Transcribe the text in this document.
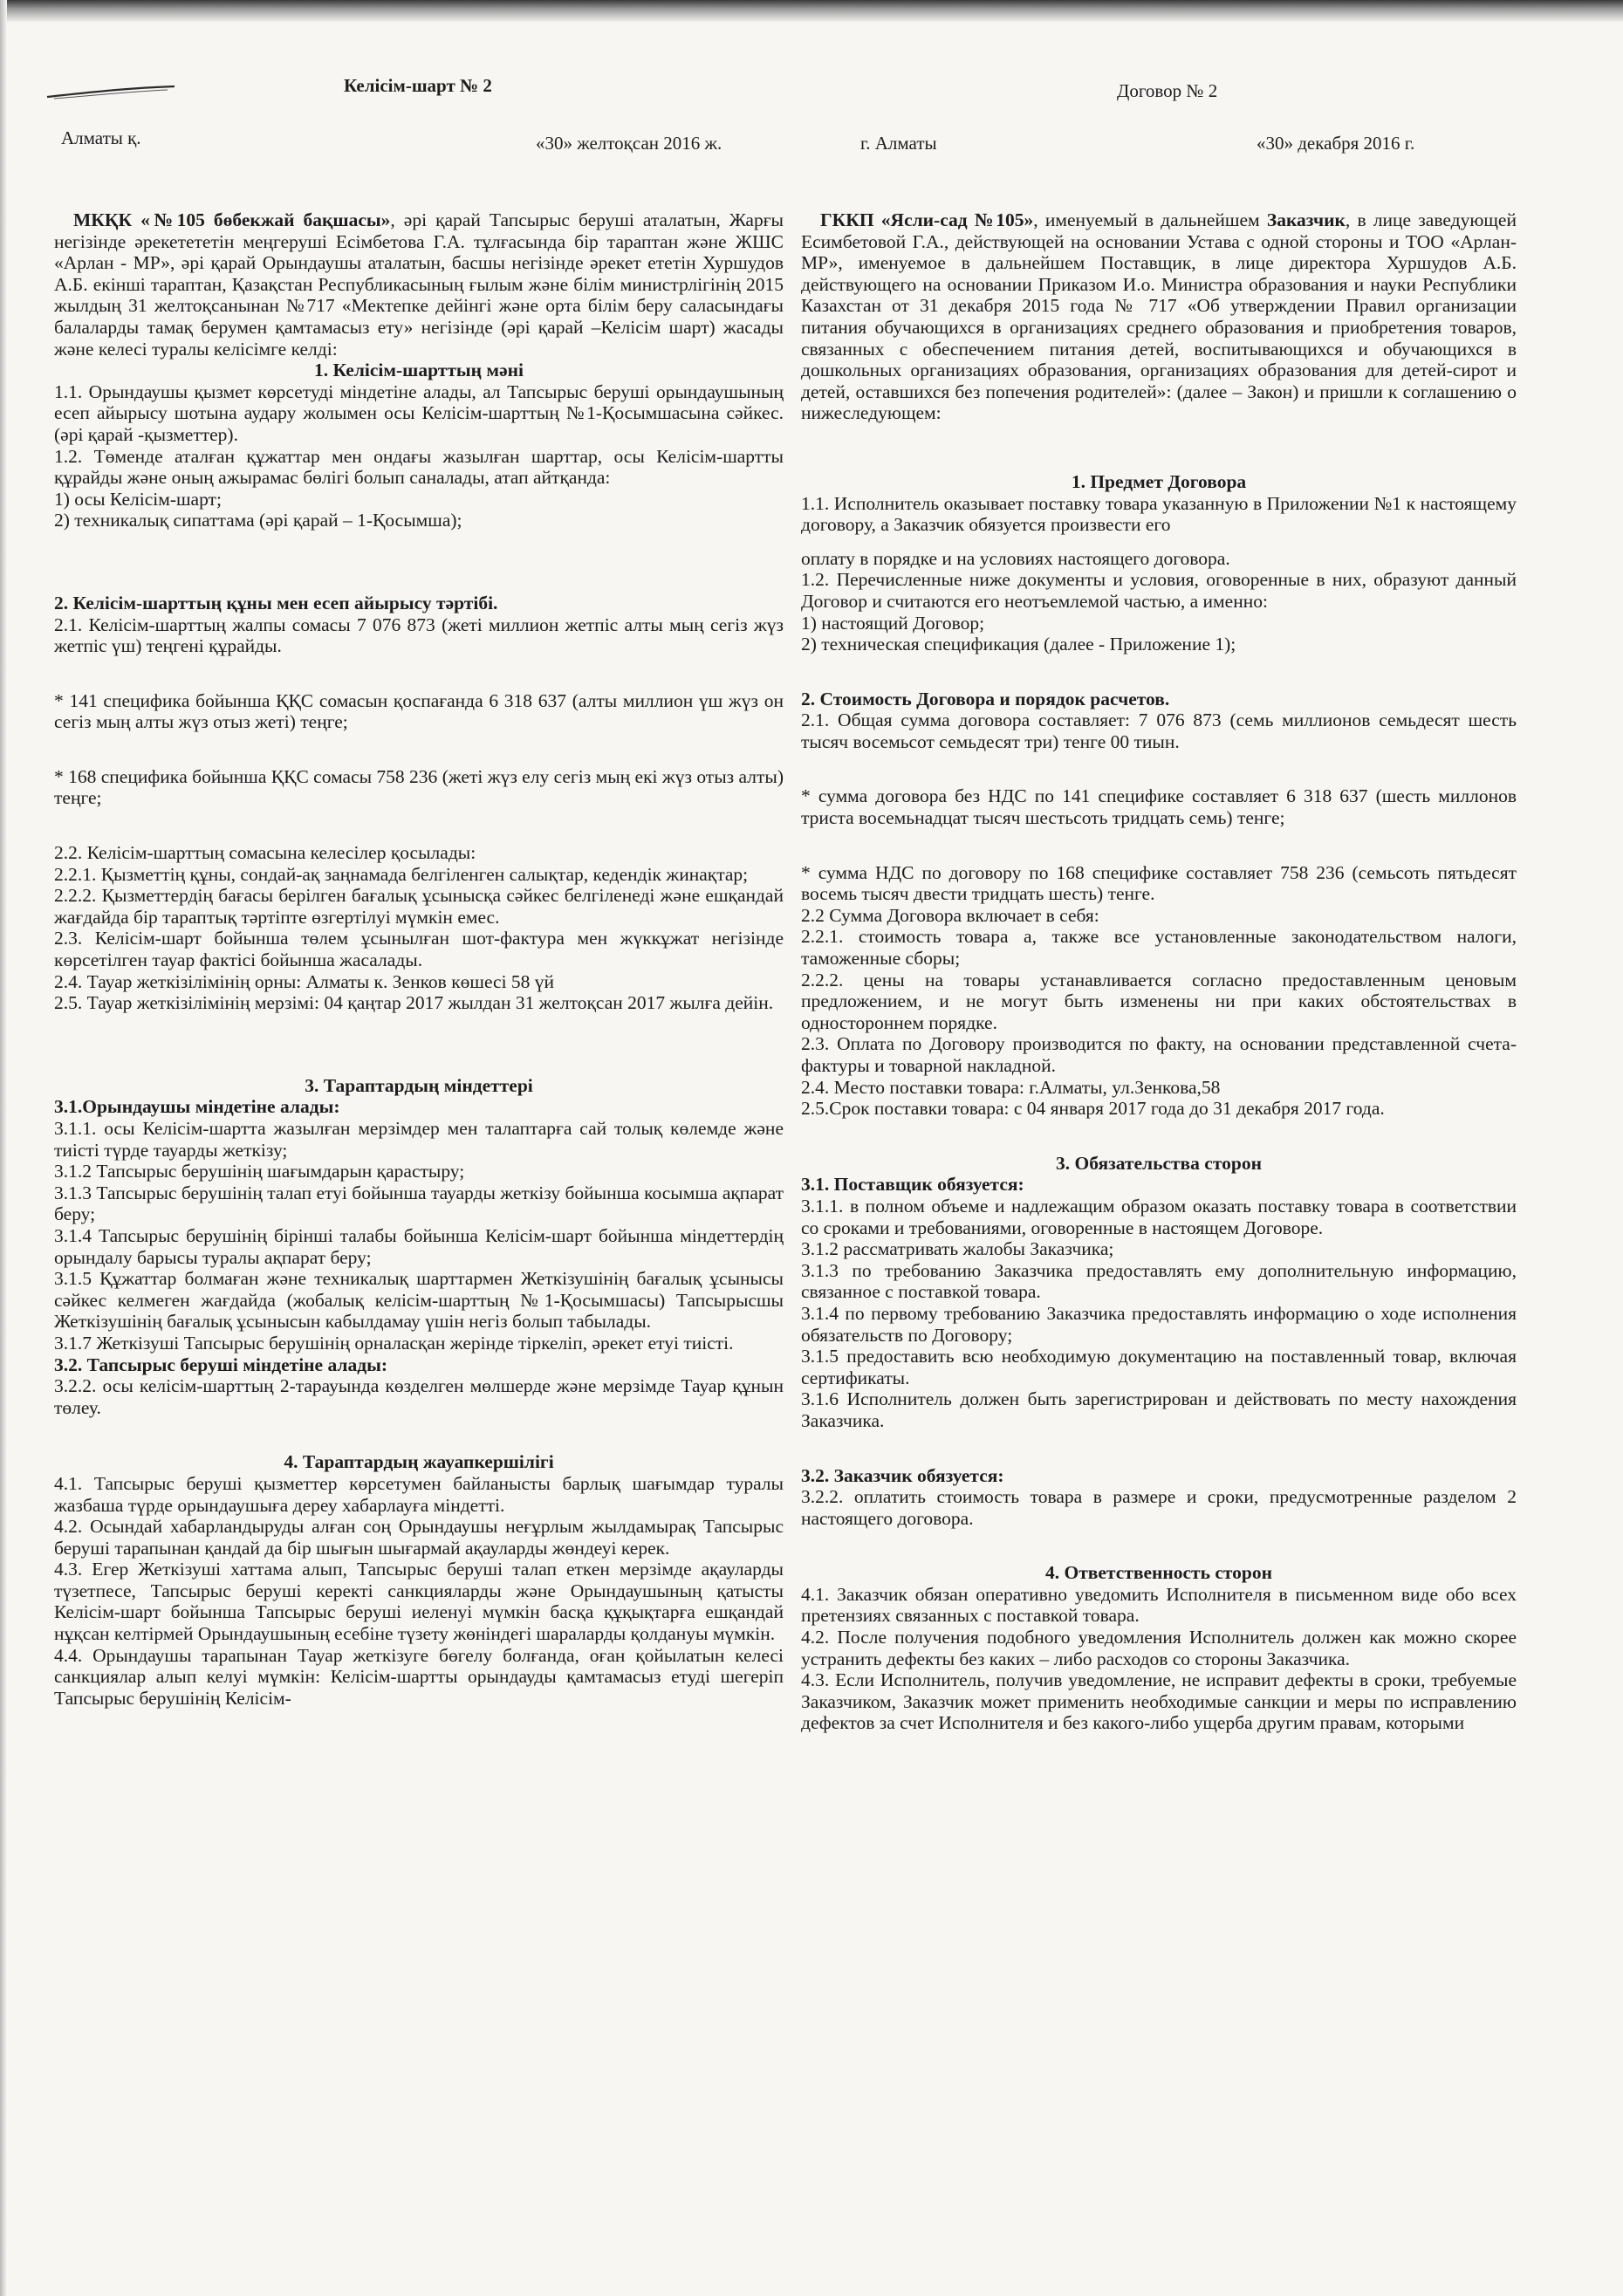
Келісім-шарт № 2
Алматы қ.	«30» желтоқсан 2016 ж.

МКҚК «№105 бөбекжай бақшасы», әрі қарай Тапсырыс беруші аталатын, Жарғы негізінде әрекетететін меңгеруші Есімбетова Г.А. тұлғасында бір тараптан және ЖШС «Арлан - МР», әрі қарай Орындаушы аталатын, басшы негізінде әрекет ететін Хуршудов А.Б. екінші тараптан, Қазақстан Республикасының ғылым және білім министрлігінің 2015 жылдың 31 желтоқсанынан №717 «Мектепке дейінгі және орта білім беру саласындағы балаларды тамақ берумен қамтамасыз ету» негізінде (әрі қарай –Келісім шарт) жасады және келесі туралы келісімге келді:

1. Келісім-шарттың мәні

1.1. Орындаушы қызмет көрсетуді міндетіне алады, ал Тапсырыс беруші орындаушының есеп айырысу шотына аудару жолымен осы Келісім-шарттың №1-Қосымшасына сәйкес. (әрі қарай -қызметтер).

1.2. Төменде аталған құжаттар мен ондағы жазылған шарттар, осы Келісім-шартты құрайды және оның ажырамас бөлігі болып саналады, атап айтқанда:

1) осы Келісім-шарт;

2) техникалық сипаттама (әрі қарай – 1-Қосымша);

2. Келісім-шарттың құны мен есеп айырысу тәртібі.

2.1. Келісім-шарттың жалпы сомасы 7 076 873 (жеті миллион жетпіс алты мың сегіз жүз жетпіс үш) теңгені құрайды.

* 141 спецификa бойынша ҚҚС сомасын қоспағанда 6 318 637 (алты миллион үш жүз он сегіз мың алты жүз отыз жеті) теңге;

* 168 спецификa бойынша ҚҚС сомасы 758 236 (жеті жүз елу сегіз мың екі жүз отыз алты) теңге;

2.2. Келісім-шарттың сомасына келесілер қосылады:

2.2.1. Қызметтің құны, сондай-ақ заңнамада белгіленген салықтар, кедендік жинақтар;

2.2.2. Қызметтердің бағасы берілген бағалық ұсынысқа сәйкес белгіленеді және ешқандай жағдайда бір тараптық тәртіпте өзгертілуі мүмкін емес.

2.3. Келісім-шарт бойынша төлем ұсынылған шот-фактура мен жүккұжат негізінде көрсетілген тауар фактісі бойынша жасалады.

2.4. Тауар жеткізілімінің орны: Алматы к. Зенков көшесі 58 үй

2.5. Тауар жеткізілімінің мерзімі: 04 қаңтар 2017 жылдан 31 желтоқсан 2017 жылға дейін.

3. Тараптардың міндеттері

3.1.Орындаушы міндетіне алады:

3.1.1. осы Келісім-шартта жазылған мерзімдер мен талаптарға сай толық көлемде және тиісті түрде тауарды жеткізу;

3.1.2 Тапсырыс берушінің шағымдарын қарастыру;

3.1.3 Тапсырыс берушінің талап етуі бойынша тауарды жеткізу бойынша косымша ақпарат беру;

3.1.4 Тапсырыс берушінің бірінші талабы бойынша Келісім-шарт бойынша міндеттердің орындалу барысы туралы ақпарат беру;

3.1.5 Құжаттар болмаған және техникалық шарттармен Жеткізушінің бағалық ұсынысы сәйкес келмеген жағдайда (жобалық келісім-шарттың №1-Қосымшасы) Тапсырысшы Жеткізушінің бағалық ұсынысын кабылдамау үшін негіз болып табылады.

3.1.7 Жеткізуші Тапсырыс берушінің орналасқан жерінде тіркеліп, әрекет етуі тиісті.

3.2. Тапсырыс беруші міндетіне алады:

3.2.2. осы келісім-шарттың 2-тарауында көзделген мөлшерде және мерзімде Тауар құнын төлеу.

4. Тараптардың жауапкершілігі

4.1. Тапсырыс беруші қызметтер көрсетумен байланысты барлық шағымдар туралы жазбаша түрде орындаушыға дереу хабарлауға міндетті.

4.2. Осындай хабарландыруды алған соң Орындаушы неғұрлым жылдамырақ Тапсырыс беруші тарапынан қандай да бір шығын шығармай ақауларды жөндеуі керек.

4.3. Егер Жеткізуші хаттама алып, Тапсырыс беруші талап еткен мерзімде ақауларды түзетпесе, Тапсырыс беруші керекті санкцияларды және Орындаушының қатысты Келісім-шарт бойынша Тапсырыс беруші иеленуі мүмкін басқа құқықтарға ешқандай нұқсан келтірмей Орындаушының есебіне түзету жөніндегі шараларды қолдануы мүмкін.

4.4. Орындаушы тарапынан Тауар жеткізуге бөгелу болғанда, оған қойылатын келесі санкциялар алып келуі мүмкін: Келісім-шартты орындауды қамтамасыз етуді шегеріп Тапсырыс берушінің Келісім-

Договор № 2
г. Алматы	«30» декабря 2016 г.

ГККП «Ясли-сад №105», именуемый в дальнейшем Заказчик, в лице заведующей Есимбетовой Г.А., действующей на основании Устава с одной стороны и ТОО «Арлан-МР», именуемое в дальнейшем Поставщик, в лице директора Хуршудов А.Б. действующего на основании Приказом И.о. Министра образования и науки Республики Казахстан от 31 декабря 2015 года № 717 «Об утверждении Правил организации питания обучающихся в организациях среднего образования и приобретения товаров, связанных с обеспечением питания детей, воспитывающихся и обучающихся в дошкольных организациях образования, организациях образования для детей-сирот и детей, оставшихся без попечения родителей»: (далее – Закон) и пришли к соглашению о нижеследующем:

1. Предмет Договора

1.1. Исполнитель оказывает поставку товара указанную в Приложении №1 к настоящему договору, а Заказчик обязуется произвести его

оплату в порядке и на условиях настоящего договора.

1.2. Перечисленные ниже документы и условия, оговоренные в них, образуют данный Договор и считаются его неотъемлемой частью, а именно:

1) настоящий Договор;

2) техническая спецификация (далее - Приложение 1);

2. Стоимость Договора и порядок расчетов.

2.1. Общая сумма договора составляет: 7 076 873 (семь миллионов семьдесят шесть тысяч восемьсот семьдесят три) тенге 00 тиын.

* сумма договора без НДС по 141 специфике составляет 6 318 637 (шесть миллонов триста восемьнадцат тысяч шестьсоть тридцать семь) тенге;

* сумма НДС по договору по 168 специфике составляет 758 236 (семьсоть пятьдесят восемь тысяч двести тридцать шесть) тенге.

2.2 Сумма Договора включает в себя:

2.2.1. стоимость товара а, также все установленные законодательством налоги, таможенные сборы;

2.2.2. цены на товары устанавливается согласно предоставленным ценовым предложением, и не могут быть изменены ни при каких обстоятельствах в одностороннем порядке.

2.3. Оплата по Договору производится по факту, на основании представленной счета-фактуры и товарной накладной.

2.4. Место поставки товара: г.Алматы, ул.Зенкова,58

2.5.Срок поставки товара: с 04 января 2017 года до 31 декабря 2017 года.

3. Обязательства сторон

3.1. Поставщик обязуется:

3.1.1. в полном объеме и надлежащим образом оказать поставку товара в соответствии со сроками и требованиями, оговоренные в настоящем Договоре.

3.1.2 рассматривать жалобы Заказчика;

3.1.3 по требованию Заказчика предоставлять ему дополнительную информацию, связанное с поставкой товара.

3.1.4 по первому требованию Заказчика предоставлять информацию о ходе исполнения обязательств по Договору;

3.1.5 предоставить всю необходимую документацию на поставленный товар, включая сертификаты.

3.1.6 Исполнитель должен быть зарегистрирован и действовать по месту нахождения Заказчика.

3.2. Заказчик обязуется:

3.2.2. оплатить стоимость товара в размере и сроки, предусмотренные разделом 2 настоящего договора.

4. Ответственность сторон

4.1. Заказчик обязан оперативно уведомить Исполнителя в письменном виде обо всех претензиях связанных с поставкой товара.

4.2. После получения подобного уведомления Исполнитель должен как можно скорее устранить дефекты без каких – либо расходов со стороны Заказчика.

4.3. Если Исполнитель, получив уведомление, не исправит дефекты в сроки, требуемые Заказчиком, Заказчик может применить необходимые санкции и меры по исправлению дефектов за счет Исполнителя и без какого-либо ущерба другим правам, которыми
